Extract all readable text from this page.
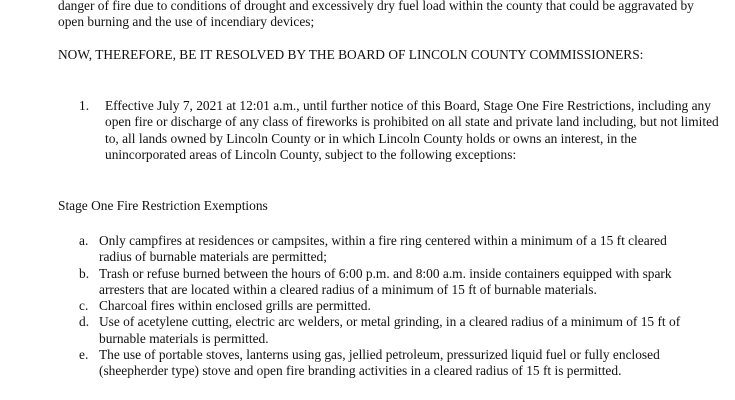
danger of fire due to conditions of drought and excessively dry fuel load within the county that could be aggravated by open burning and the use of incendiary devices;

NOW, THEREFORE, BE IT RESOLVED BY THE BOARD OF LINCOLN COUNTY COMMISSIONERS:

1.	Effective July 7, 2021 at 12:01 a.m., until further notice of this Board, Stage One Fire Restrictions, including any open fire or discharge of any class of fireworks is prohibited on all state and private land including, but not limited to, all lands owned by Lincoln County or in which Lincoln County holds or owns an interest, in the unincorporated areas of Lincoln County, subject to the following exceptions:

Stage One Fire Restriction Exemptions

a. Only campfires at residences or campsites, within a fire ring centered within a minimum of a 15 ft cleared radius of burnable materials are permitted;
b. Trash or refuse burned between the hours of 6:00 p.m. and 8:00 a.m. inside containers equipped with spark arresters that are located within a cleared radius of a minimum of 15 ft of burnable materials.
c. Charcoal fires within enclosed grills are permitted.
d. Use of acetylene cutting, electric arc welders, or metal grinding, in a cleared radius of a minimum of 15 ft of burnable materials is permitted.
e. The use of portable stoves, lanterns using gas, jellied petroleum, pressurized liquid fuel or fully enclosed (sheepherder type) stove and open fire branding activities in a cleared radius of 15 ft is permitted.
